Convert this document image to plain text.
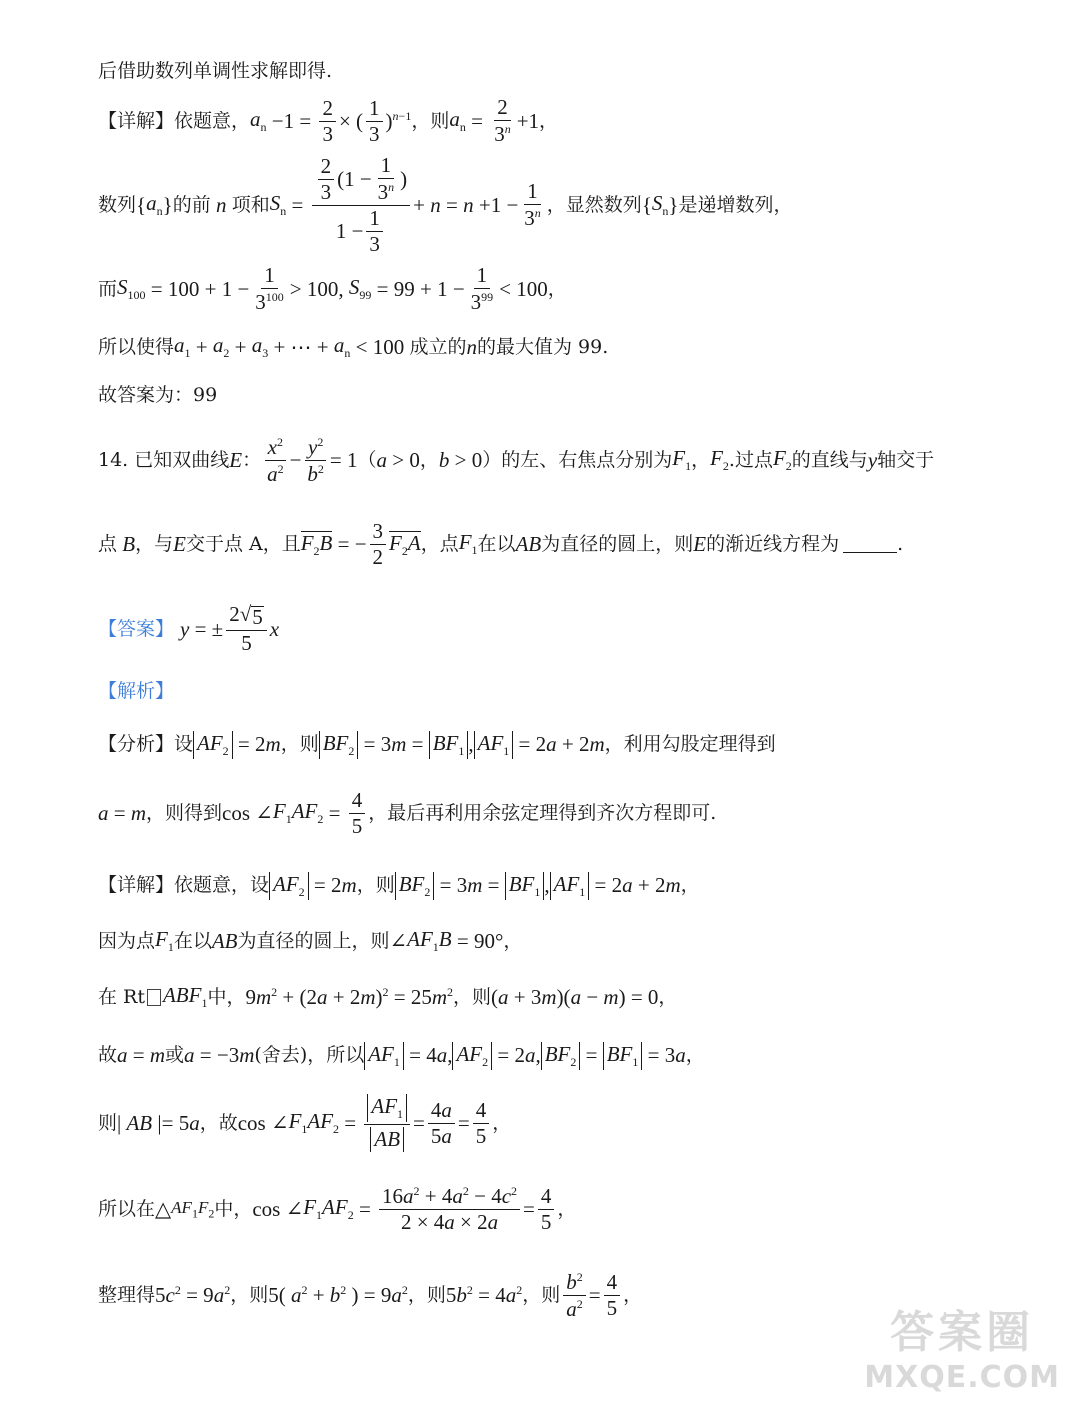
后借助数列单调性求解即得.
【详解】依题意， $a_n -1 = \frac{2}{3}$ × ( $\frac{1}{3} )^{n-1}$ ，则 $a_n = \frac{2}{3^n} +1$ ，
数列 { $a_n$ } 的前 n 项和 $S_n = \frac{\frac{2}{3} (1 - \frac{1}{3^n} )}{1 - \frac{1}{3}} + n = n +1 - \frac{1}{3^n}$ ，显然数列 { $S_n$ } 是递增数列，
而 $S_{100} = 100 + 1 - \frac{1}{3^{100}} > 100$, $S_{99} = 99 + 1 - \frac{1}{3^{99}} < 100$ ，
所以使得 $a_1 + a_2 + a_3$ + ⋯ + $a_n < 100$ 成立的 n 的最大值为 99.
故答案为：99
14. 已知双曲线 E ： $\frac{x^2}{a^2} - \frac{y^2}{b^2} = 1$ （ a > 0 ， b > 0 ）的左、右焦点分别为 $F_1$ ， $F_2$ .过点 $F_2$ 的直线与 y 轴交于
点 B ，与 E 交于点 A，且 $F_2B$ = − $\frac{3}{2} F_2A$ ，点 $F_1$ 在以 AB 为直径的圆上，则 E 的渐近线方程为	.
【答案】 y = ± $\frac{2 √ 5}{5}$ x
【解析】
【分析】设 $AF_2 = 2$ m ，则 $BF_2 = 3$ $m = BF_1$ , $AF_1 = 2$ a + 2 m ，利用勾股定理得到
a = m ，则得到 cos ∠ $F_1AF_2 = \frac{4}{5}$ ，最后再利用余弦定理得到齐次方程即可.
【详解】依题意，设 $AF_2 = 2$ m ，则 $BF_2 = 3$ $m = BF_1$ , $AF_1 = 2$ a + 2 m ，
因为点 $F_1$ 在以 AB 为直径的圆上，则 ∠ $AF_1B = 90^\circ$ ，
在 Rt $ABF_1$ 中， 9 m $^2$ + (2 a + 2 m )$^2$ = 25 m $^2$ ，则 ( a + 3 m )( a − m ) = 0 ，
故 a = m 或 a = −3 m (舍去)，所以 $AF_1 = 4$ a , $AF_2 = 2$ a , $BF_2 = BF_1 = 3$ a ，
则 | AB |= 5 a ，故 cos ∠ $F_1AF_2 = \frac{AF_1}{AB} = \frac{4a}{5a} = \frac{4}{5}$ ，
所以在 △ $AF_1F_2$ 中， cos ∠ $F_1AF_2 = \frac{16a^2 + 4a^2 - 4c^2}{2 \times 4a \times 2a} = \frac{4}{5}$ ，
整理得 5 c $^2$ = 9 a $^2$ ，则 5( a $^2$ + b $^2$ ) = 9 a $^2$ ，则 5 b $^2$ = 4 a $^2$ ，则 $\frac{b^2}{a^2} = \frac{4}{5}$ ，
答案圈
MXQE.COM
